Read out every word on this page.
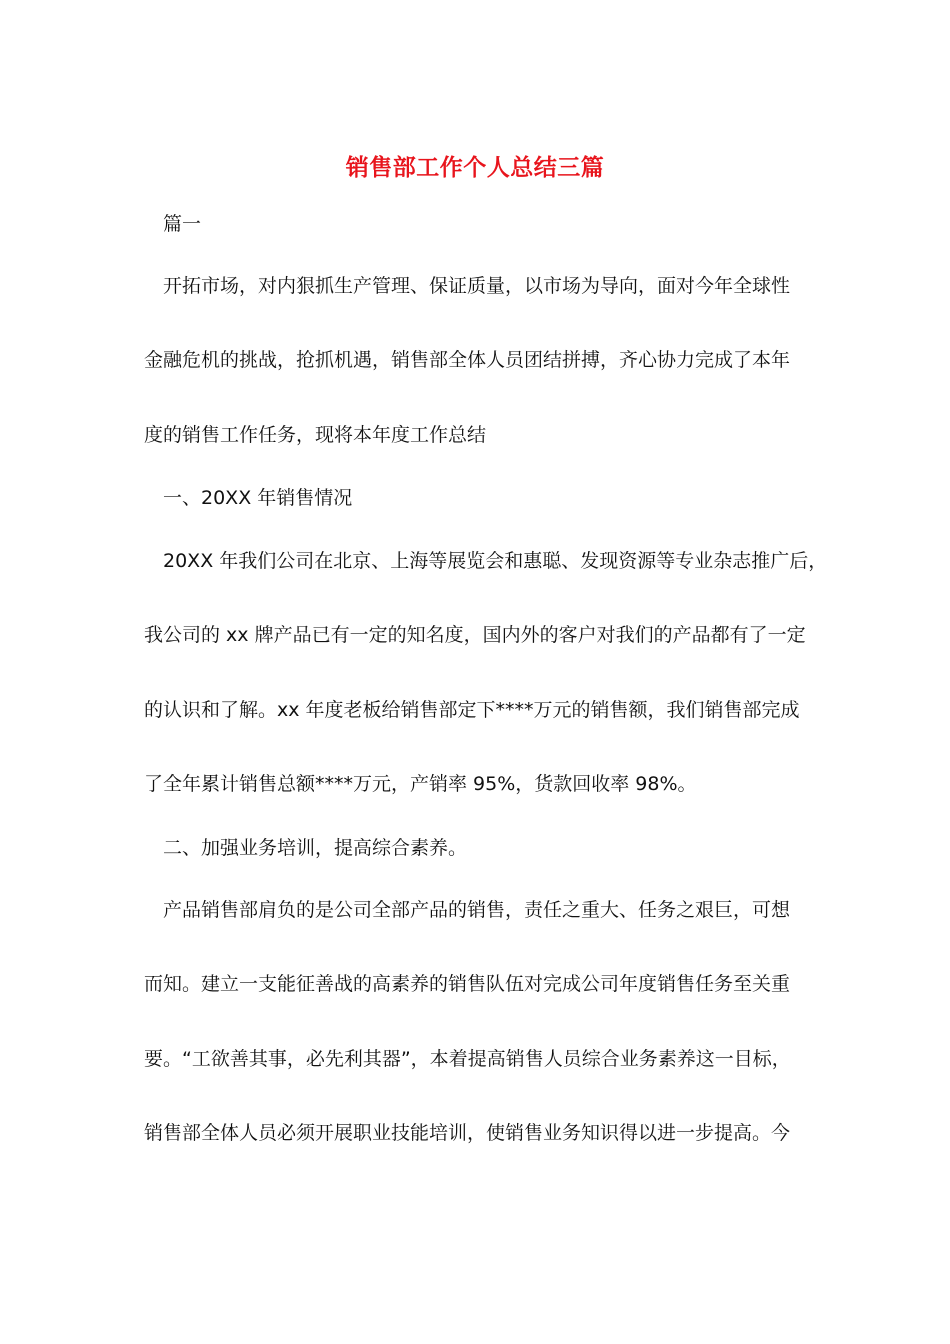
销售部工作个人总结三篇
篇一
开拓市场，对内狠抓生产管理、保证质量，以市场为导向，面对今年全球性
金融危机的挑战，抢抓机遇，销售部全体人员团结拼搏，齐心协力完成了本年
度的销售工作任务，现将本年度工作总结
一、20XX 年销售情况
20XX 年我们公司在北京、上海等展览会和惠聪、发现资源等专业杂志推广后，
我公司的 xx 牌产品已有一定的知名度，国内外的客户对我们的产品都有了一定
的认识和了解。xx 年度老板给销售部定下****万元的销售额，我们销售部完成
了全年累计销售总额****万元，产销率 95%，货款回收率 98%。
二、加强业务培训，提高综合素养。
产品销售部肩负的是公司全部产品的销售，责任之重大、任务之艰巨，可想
而知。建立一支能征善战的高素养的销售队伍对完成公司年度销售任务至关重
要。“工欲善其事，必先利其器”，本着提高销售人员综合业务素养这一目标，
销售部全体人员必须开展职业技能培训，使销售业务知识得以进一步提高。今
